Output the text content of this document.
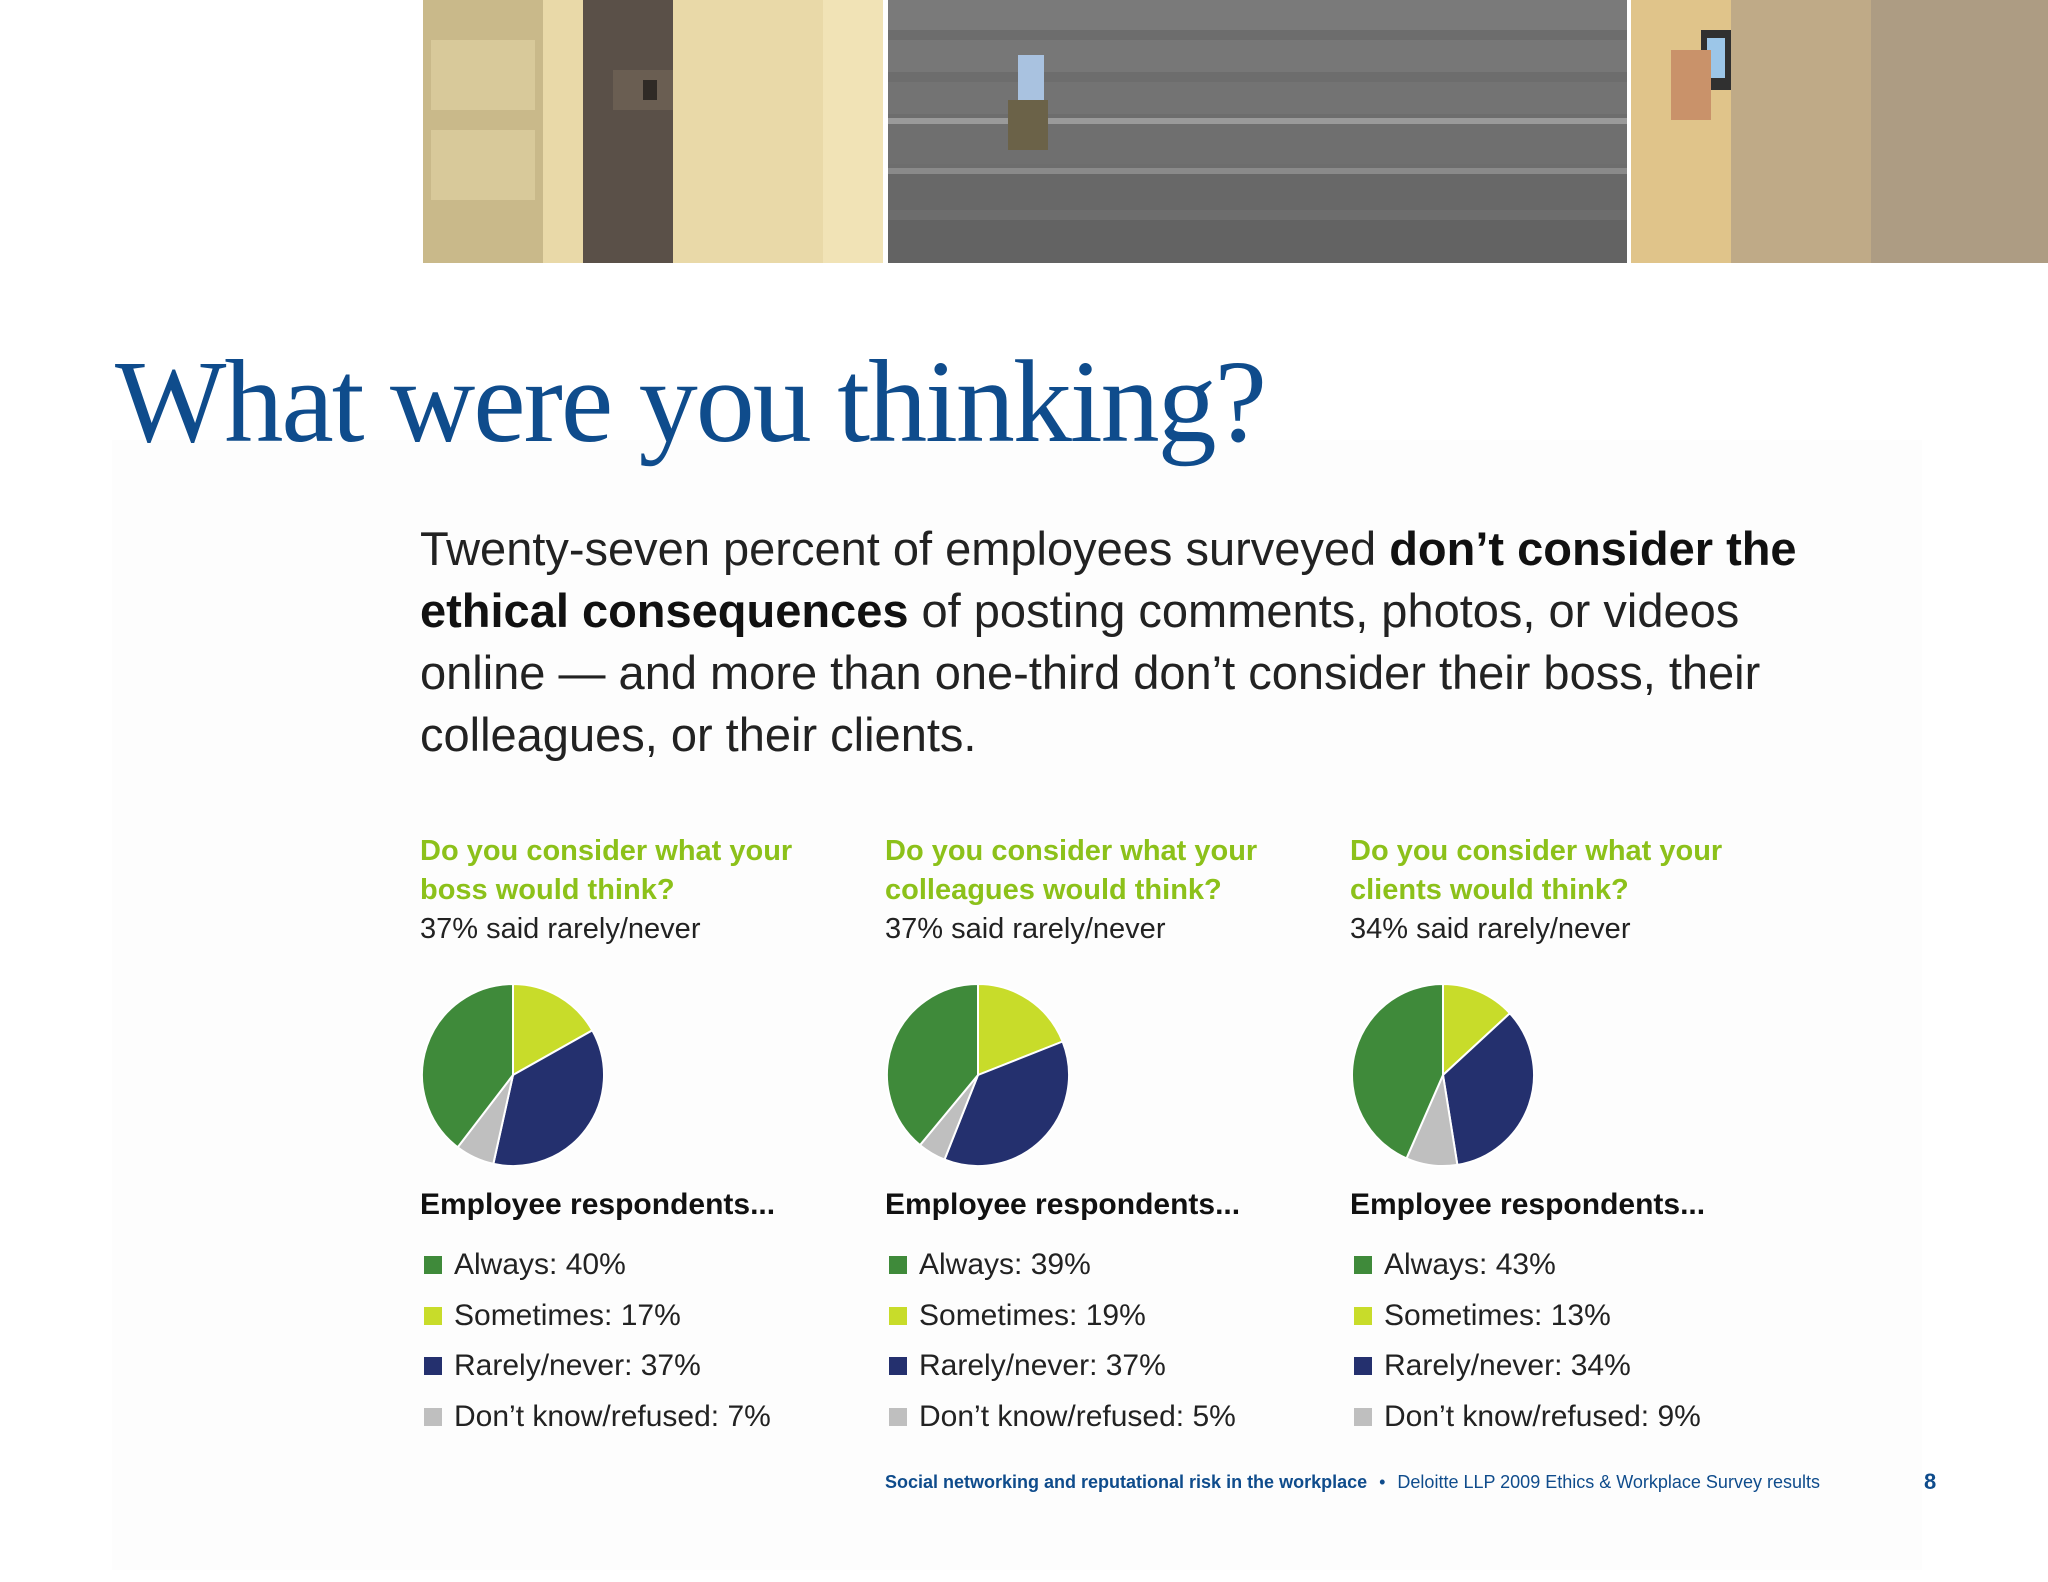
What were you thinking?

Twenty-seven percent of employees surveyed don’t consider the ethical consequences of posting comments, photos, or videos online — and more than one-third don’t consider their boss, their colleagues, or their clients.

Do you consider what your boss would think?

37% said rarely/never

Employee respondents...
Always: 40%
Sometimes: 17%
Rarely/never: 37%
Don’t know/refused: 7%

Do you consider what your colleagues would think?

37% said rarely/never

Employee respondents...
Always: 39%
Sometimes: 19%
Rarely/never: 37%
Don’t know/refused: 5%

Do you consider what your clients would think?

34% said rarely/never

Employee respondents...
Always: 43%
Sometimes: 13%
Rarely/never: 34%
Don’t know/refused: 9%
Social networking and reputational risk in the workplace • Deloitte LLP 2009 Ethics & Workplace Survey results	8
